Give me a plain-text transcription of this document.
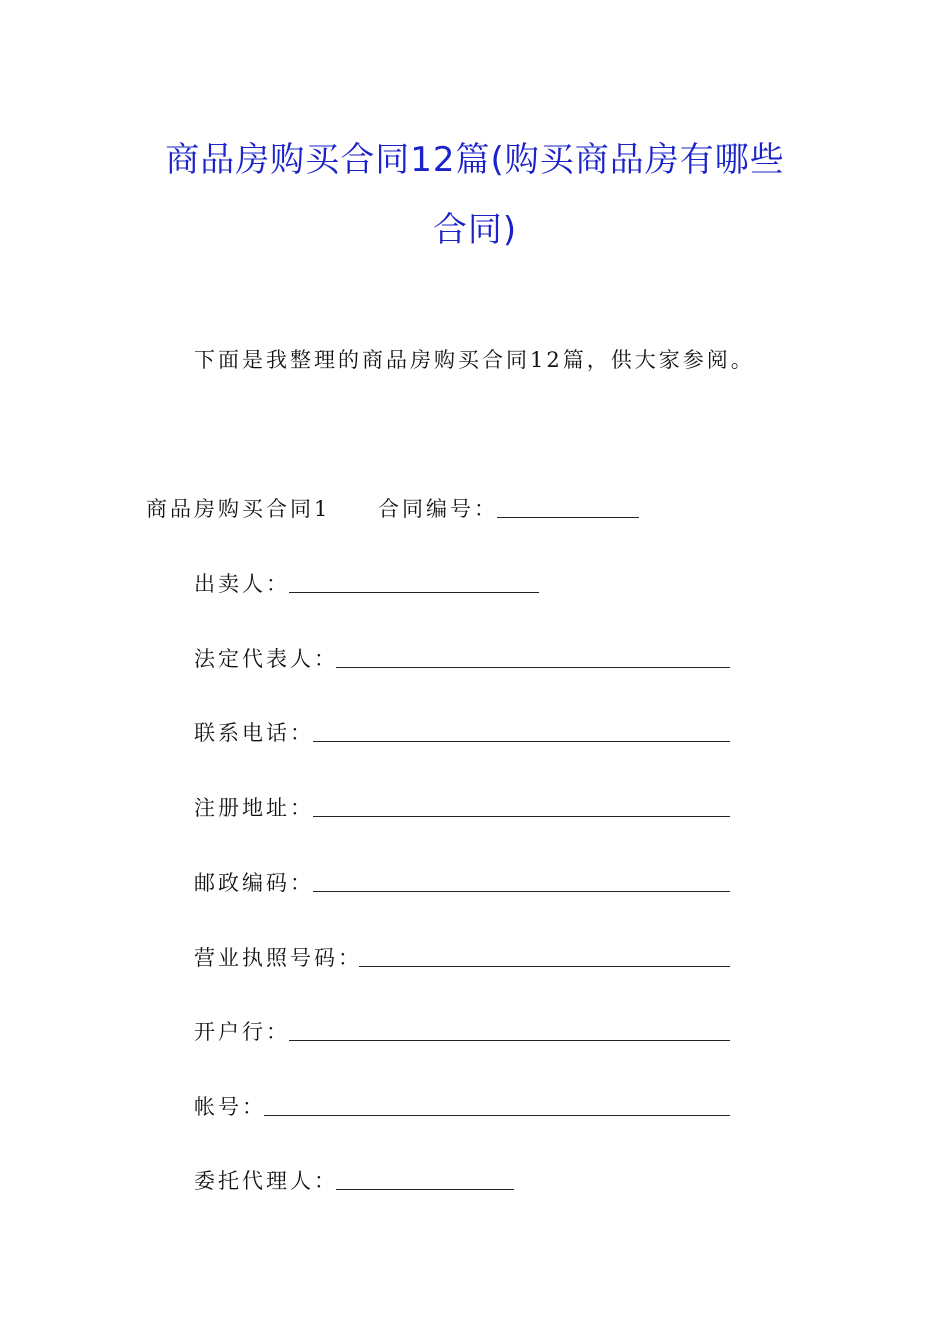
商品房购买合同12篇(购买商品房有哪些
合同)
下面是我整理的商品房购买合同12篇，供大家参阅。
商品房购买合同1 合同编号：
出卖人：
法定代表人：
联系电话：
注册地址：
邮政编码：
营业执照号码：
开户行：
帐号：
委托代理人：
